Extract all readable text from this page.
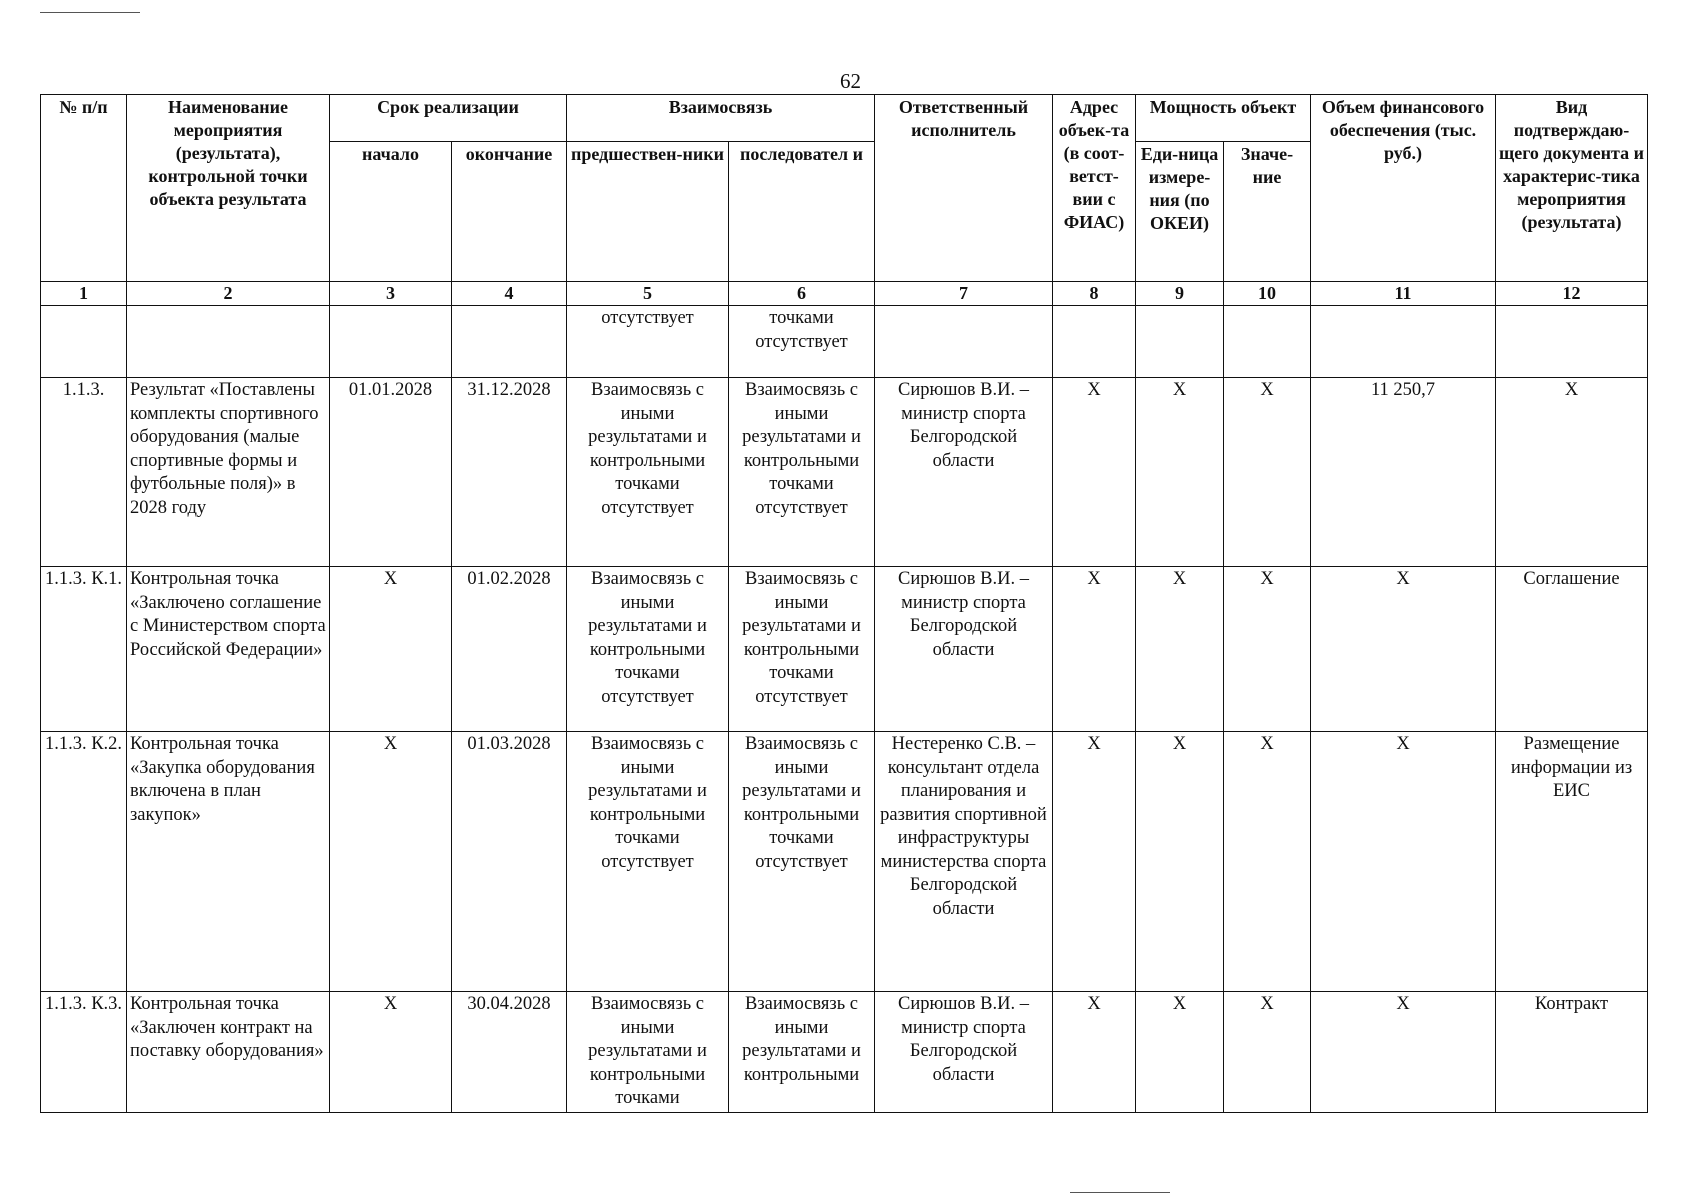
62
№ п/п	Наименование мероприятия (результата), контрольной точки объекта результата	Срок реализации		Взаимосвязь		Ответственный исполнитель	Адрес объек-та (в соот-ветст-вии с ФИАС)	Мощность объект		Объем финансового обеспечения (тыс. руб.)	Вид подтверждаю-щего документа и характерис-тика мероприятия (результата)
		начало	окончание	предшествен-ники	последовател и			Еди-ница измере-ния (по ОКЕИ)	Значе-ние		
1	2	3	4	5	6	7	8	9	10	11	12
				отсутствует	точками отсутствует						
1.1.3.	Результат «Поставлены комплекты спортивного оборудования (малые спортивные формы и футбольные поля)» в 2028 году	01.01.2028	31.12.2028	Взаимосвязь с иными результатами и контрольными точками отсутствует	Взаимосвязь с иными результатами и контрольными точками отсутствует	Сирюшов В.И. – министр спорта Белгородской области	X	X	X	11 250,7	X
1.1.3. К.1.	Контрольная точка «Заключено соглашение с Министерством спорта Российской Федерации»	X	01.02.2028	Взаимосвязь с иными результатами и контрольными точками отсутствует	Взаимосвязь с иными результатами и контрольными точками отсутствует	Сирюшов В.И. – министр спорта Белгородской области	X	X	X	X	Соглашение
1.1.3. К.2.	Контрольная точка «Закупка оборудования включена в план закупок»	X	01.03.2028	Взаимосвязь с иными результатами и контрольными точками отсутствует	Взаимосвязь с иными результатами и контрольными точками отсутствует	Нестеренко С.В. – консультант отдела планирования и развития спортивной инфраструктуры министерства спорта Белгородской области	X	X	X	X	Размещение информации из ЕИС
1.1.3. К.3.	Контрольная точка «Заключен контракт на поставку оборудования»	X	30.04.2028	Взаимосвязь с иными результатами и контрольными точками	Взаимосвязь с иными результатами и контрольными	Сирюшов В.И. – министр спорта Белгородской области	X	X	X	X	Контракт
